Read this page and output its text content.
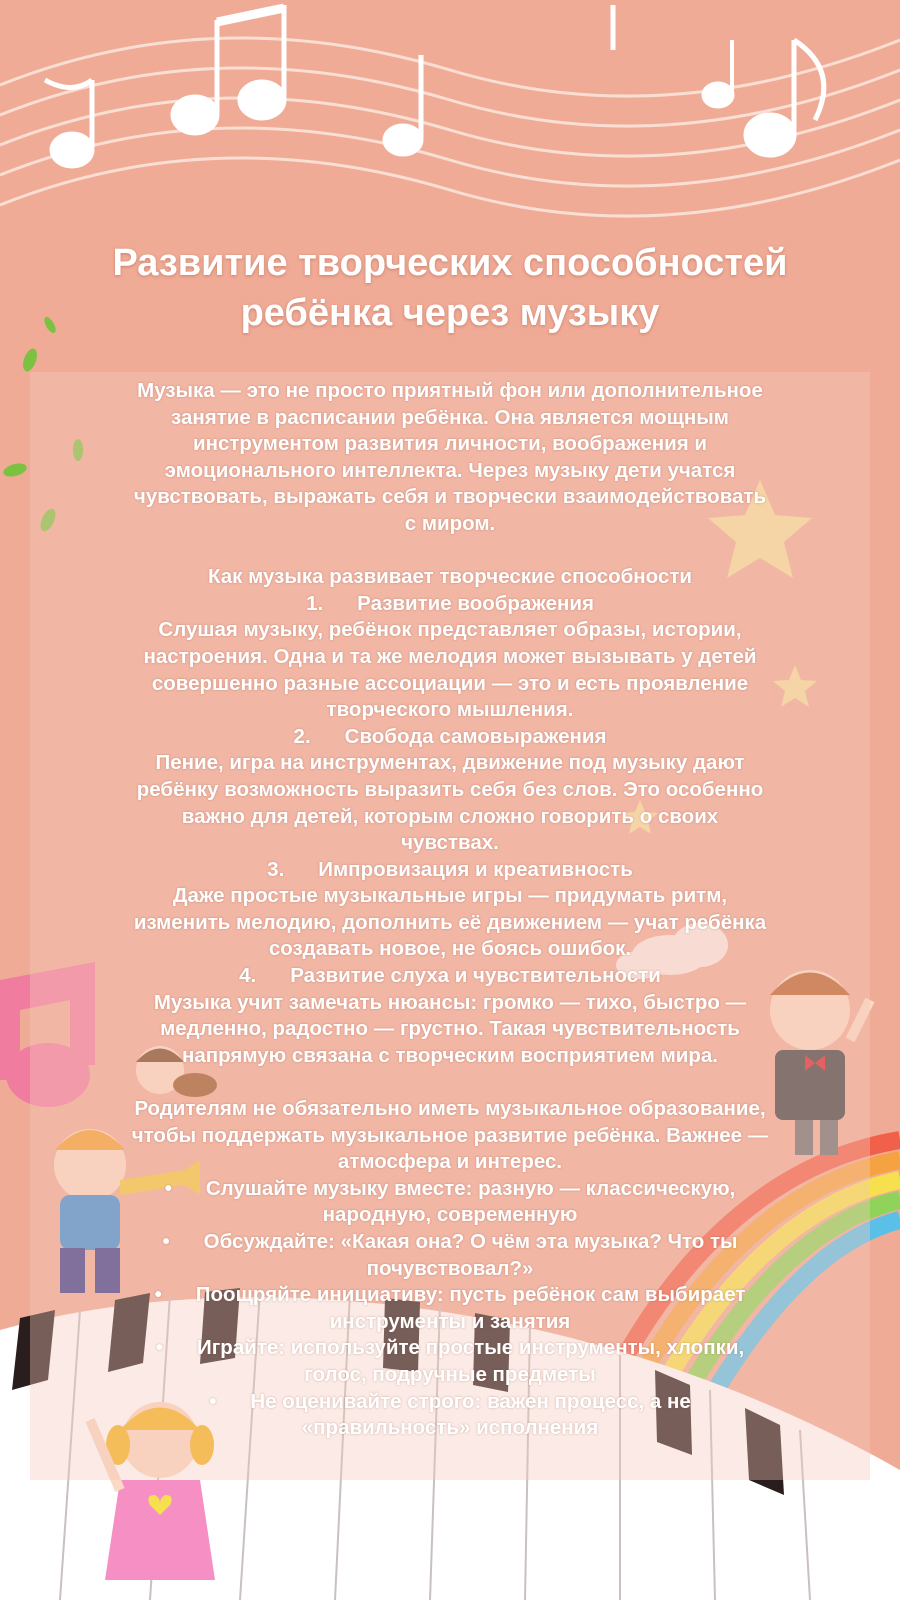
Развитие творческих способностей
ребёнка через музыку

Музыка — это не просто приятный фон или дополнительное

занятие в расписании ребёнка. Она является мощным

инструментом развития личности, воображения и

эмоционального интеллекта. Через музыку дети учатся

чувствовать, выражать себя и творчески взаимодействовать

с миром.

Как музыка развивает творческие способности

1. Развитие воображения

Слушая музыку, ребёнок представляет образы, истории,

настроения. Одна и та же мелодия может вызывать у детей

совершенно разные ассоциации — это и есть проявление

творческого мышления.

2. Свобода самовыражения

Пение, игра на инструментах, движение под музыку дают

ребёнку возможность выразить себя без слов. Это особенно

важно для детей, которым сложно говорить о своих

чувствах.

3. Импровизация и креативность

Даже простые музыкальные игры — придумать ритм,

изменить мелодию, дополнить её движением — учат ребёнка

создавать новое, не боясь ошибок.

4. Развитие слуха и чувствительности

Музыка учит замечать нюансы: громко — тихо, быстро —

медленно, радостно — грустно. Такая чувствительность

напрямую связана с творческим восприятием мира.

Родителям не обязательно иметь музыкальное образование,

чтобы поддержать музыкальное развитие ребёнка. Важнее —

атмосфера и интерес.

• Слушайте музыку вместе: разную — классическую,

народную, современную

• Обсуждайте: «Какая она? О чём эта музыка? Что ты

почувствовал?»

• Поощряйте инициативу: пусть ребёнок сам выбирает

инструменты и занятия

• Играйте: используйте простые инструменты, хлопки,

голос, подручные предметы

• Не оценивайте строго: важен процесс, а не

«правильность» исполнения
